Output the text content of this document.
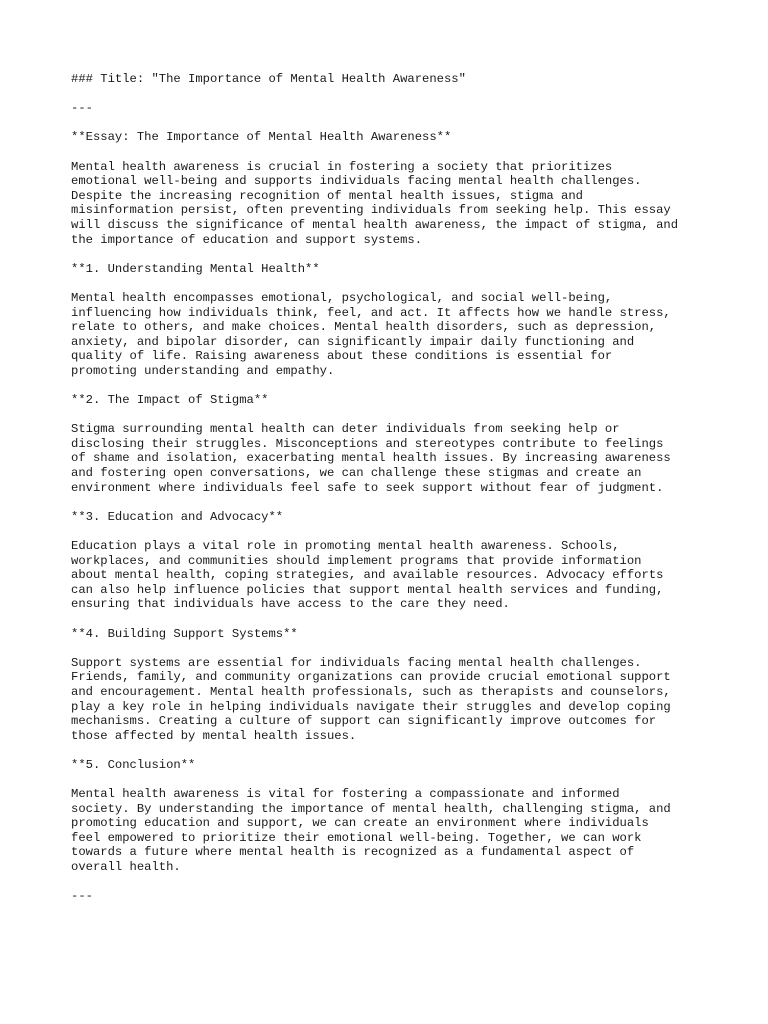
### Title: "The Importance of Mental Health Awareness"
---
**Essay: The Importance of Mental Health Awareness**
Mental health awareness is crucial in fostering a society that prioritizes
emotional well-being and supports individuals facing mental health challenges.
Despite the increasing recognition of mental health issues, stigma and
misinformation persist, often preventing individuals from seeking help. This essay
will discuss the significance of mental health awareness, the impact of stigma, and
the importance of education and support systems.
**1. Understanding Mental Health**
Mental health encompasses emotional, psychological, and social well-being,
influencing how individuals think, feel, and act. It affects how we handle stress,
relate to others, and make choices. Mental health disorders, such as depression,
anxiety, and bipolar disorder, can significantly impair daily functioning and
quality of life. Raising awareness about these conditions is essential for
promoting understanding and empathy.
**2. The Impact of Stigma**
Stigma surrounding mental health can deter individuals from seeking help or
disclosing their struggles. Misconceptions and stereotypes contribute to feelings
of shame and isolation, exacerbating mental health issues. By increasing awareness
and fostering open conversations, we can challenge these stigmas and create an
environment where individuals feel safe to seek support without fear of judgment.
**3. Education and Advocacy**
Education plays a vital role in promoting mental health awareness. Schools,
workplaces, and communities should implement programs that provide information
about mental health, coping strategies, and available resources. Advocacy efforts
can also help influence policies that support mental health services and funding,
ensuring that individuals have access to the care they need.
**4. Building Support Systems**
Support systems are essential for individuals facing mental health challenges.
Friends, family, and community organizations can provide crucial emotional support
and encouragement. Mental health professionals, such as therapists and counselors,
play a key role in helping individuals navigate their struggles and develop coping
mechanisms. Creating a culture of support can significantly improve outcomes for
those affected by mental health issues.
**5. Conclusion**
Mental health awareness is vital for fostering a compassionate and informed
society. By understanding the importance of mental health, challenging stigma, and
promoting education and support, we can create an environment where individuals
feel empowered to prioritize their emotional well-being. Together, we can work
towards a future where mental health is recognized as a fundamental aspect of
overall health.
---
